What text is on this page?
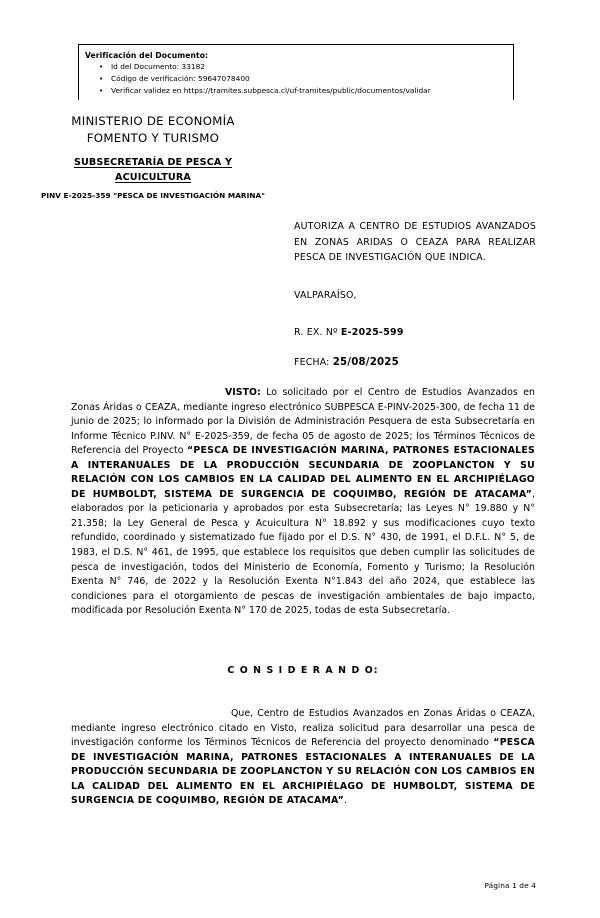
Verificación del Documento:
• Id del Documento: 33182
• Código de verificación: 59647078400
• Verificar validez en https://tramites.subpesca.cl/uf-tramites/public/documentos/validar
MINISTERIO DE ECONOMÍA
FOMENTO Y TURISMO
SUBSECRETARÍA DE PESCA Y
ACUICULTURA
PINV E-2025-359 "PESCA DE INVESTIGACIÓN MARINA"
AUTORIZA A CENTRO DE ESTUDIOS AVANZADOS EN ZONAS ARIDAS O CEAZA PARA REALIZAR PESCA DE INVESTIGACIÓN QUE INDICA.
VALPARAÍSO,
R. EX. Nº E-2025-599
FECHA: 25/08/2025
VISTO: Lo solicitado por el Centro de Estudios Avanzados en Zonas Áridas o CEAZA, mediante ingreso electrónico SUBPESCA E-PINV-2025-300, de fecha 11 de junio de 2025; lo informado por la División de Administración Pesquera de esta Subsecretaría en Informe Técnico P.INV. N° E-2025-359, de fecha 05 de agosto de 2025; los Términos Técnicos de Referencia del Proyecto “PESCA DE INVESTIGACIÓN MARINA, PATRONES ESTACIONALES A INTERANUALES DE LA PRODUCCIÓN SECUNDARIA DE ZOOPLANCTON Y SU RELACIÓN CON LOS CAMBIOS EN LA CALIDAD DEL ALIMENTO EN EL ARCHIPIÉLAGO DE HUMBOLDT, SISTEMA DE SURGENCIA DE COQUIMBO, REGIÓN DE ATACAMA”, elaborados por la peticionaria y aprobados por esta Subsecretaría; las Leyes N° 19.880 y N° 21.358; la Ley General de Pesca y Acuicultura N° 18.892 y sus modificaciones cuyo texto refundido, coordinado y sistematizado fue fijado por el D.S. N° 430, de 1991, el D.F.L. N° 5, de 1983, el D.S. N° 461, de 1995, que establece los requisitos que deben cumplir las solicitudes de pesca de investigación, todos del Ministerio de Economía, Fomento y Turismo; la Resolución Exenta N° 746, de 2022 y la Resolución Exenta N°1.843 del año 2024, que establece las condiciones para el otorgamiento de pescas de investigación ambientales de bajo impacto, modificada por Resolución Exenta N° 170 de 2025, todas de esta Subsecretaría.
C O N S I D E R A N D O:
Que, Centro de Estudios Avanzados en Zonas Áridas o CEAZA, mediante ingreso electrónico citado en Visto, realiza solicitud para desarrollar una pesca de investigación conforme los Términos Técnicos de Referencia del proyecto denominado “PESCA DE INVESTIGACIÓN MARINA, PATRONES ESTACIONALES A INTERANUALES DE LA PRODUCCIÓN SECUNDARIA DE ZOOPLANCTON Y SU RELACIÓN CON LOS CAMBIOS EN LA CALIDAD DEL ALIMENTO EN EL ARCHIPIÉLAGO DE HUMBOLDT, SISTEMA DE SURGENCIA DE COQUIMBO, REGIÓN DE ATACAMA”.
Página 1 de 4
